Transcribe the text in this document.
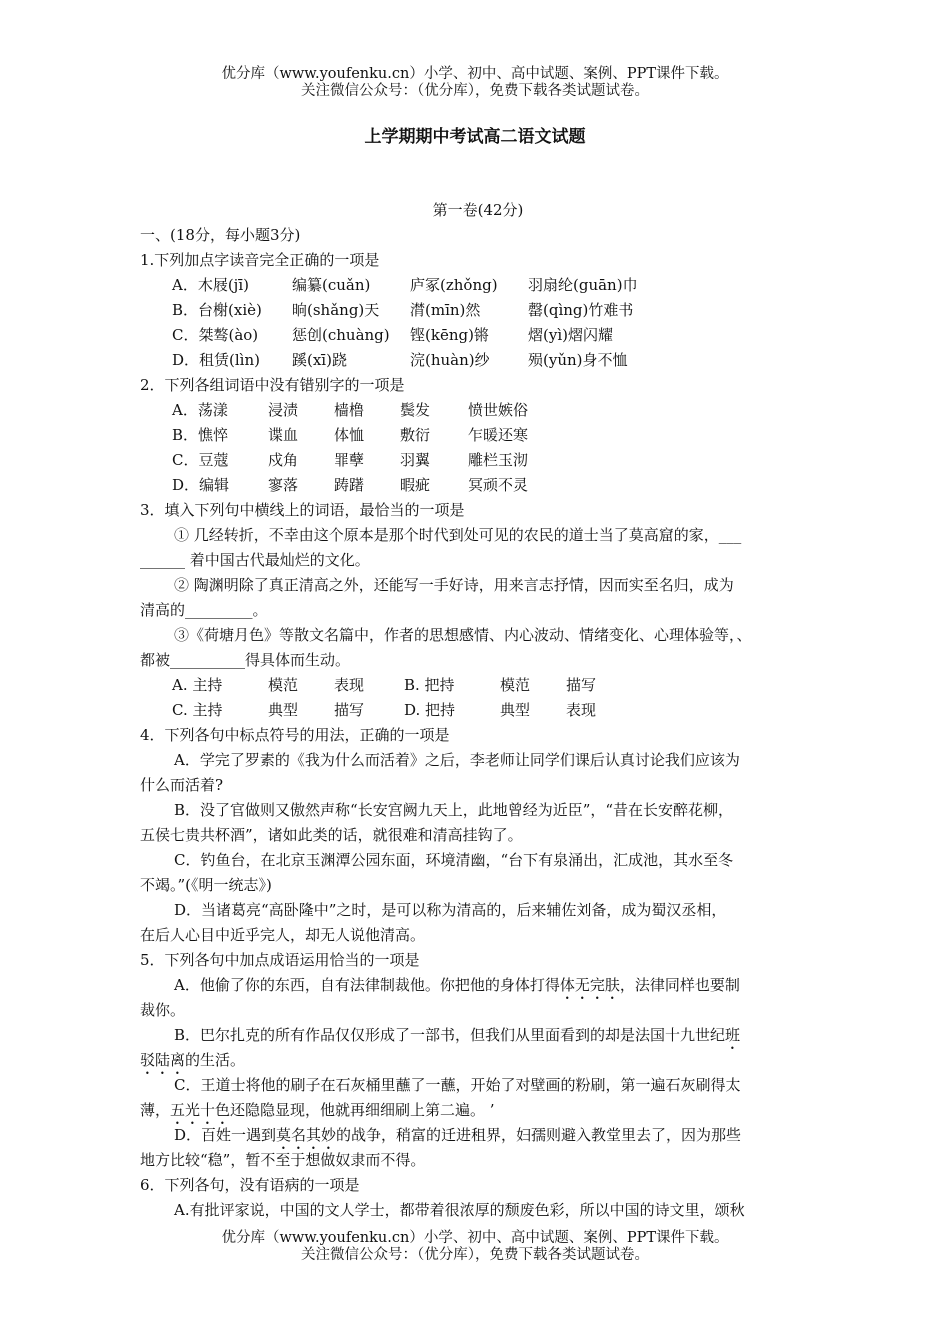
优分库（www.youfenku.cn）小学、初中、高中试题、案例、PPT课件下载。
关注微信公众号：（优分库），免费下载各类试题试卷。
上学期期中考试高二语文试题
第一卷(42分)
一、(18分，每小题3分)
1.下列加点字读音完全正确的一项是
A．木屐(jī)	编纂(cuǎn)	庐冢(zhǒng)	羽扇纶(guān)巾
B．台榭(xiè)	晌(shǎng)天	潸(mīn)然	罄(qìng)竹难书
C．桀骜(ào)	惩创(chuàng)	铿(kēng)锵	熠(yì)熠闪耀
D．租赁(lìn)	蹊(xī)跷	浣(huàn)纱	殒(yǔn)身不恤
2．下列各组词语中没有错别字的一项是
A．荡漾	浸渍	樯橹	鬓发	愤世嫉俗
B．憔悴	谍血	体恤	敷衍	乍暖还寒
C．豆蔻	戍角	罪孽	羽翼	雕栏玉沏
D．编辑	寥落	踌躇	暇疵	冥顽不灵
3．填入下列句中横线上的词语，最恰当的一项是
① 几经转折，不幸由这个原本是那个时代到处可见的农民的道士当了莫高窟的家，___
______ 着中国古代最灿烂的文化。
② 陶渊明除了真正清高之外，还能写一手好诗，用来言志抒情，因而实至名归，成为
清高的_________。
③《荷塘月色》等散文名篇中，作者的思想感情、内心波动、情绪变化、心理体验等，、
都被__________得具体而生动。
A. 主持	模范	表现	B. 把持	模范	描写
C. 主持	典型	描写	D. 把持	典型	表现
4．下列各句中标点符号的用法，正确的一项是
A．学完了罗素的《我为什么而活着》之后，李老师让同学们课后认真讨论我们应该为
什么而活着?
B．没了官做则又傲然声称“长安宫阙九天上，此地曾经为近臣”，“昔在长安醉花柳，
五侯七贵共杯酒”，诸如此类的话，就很难和清高挂钩了。
C．钓鱼台，在北京玉渊潭公园东面，环境清幽，“台下有泉涌出，汇成池，其水至冬
不竭。”(《明一统志》)
D．当诸葛亮“高卧隆中”之时，是可以称为清高的，后来辅佐刘备，成为蜀汉丞相，
在后人心目中近乎完人，却无人说他清高。
5．下列各句中加点成语运用恰当的一项是
A．他偷了你的东西，自有法律制裁他。你把他的身体打得体无完肤，法律同样也要制
裁你。
B．巴尔扎克的所有作品仅仅形成了一部书，但我们从里面看到的却是法国十九世纪班
驳陆离的生活。
C．王道士将他的刷子在石灰桶里蘸了一蘸，开始了对壁画的粉刷，第一遍石灰刷得太
薄，五光十色还隐隐显现，他就再细细刷上第二遍。 ’
D．百姓一遇到莫名其妙的战争，稍富的迁进租界，妇孺则避入教堂里去了，因为那些
地方比较“稳”，暂不至于想做奴隶而不得。
6．下列各句，没有语病的一项是
A.有批评家说，中国的文人学士，都带着很浓厚的颓废色彩，所以中国的诗文里，颂秋
优分库（www.youfenku.cn）小学、初中、高中试题、案例、PPT课件下载。
关注微信公众号：（优分库），免费下载各类试题试卷。
